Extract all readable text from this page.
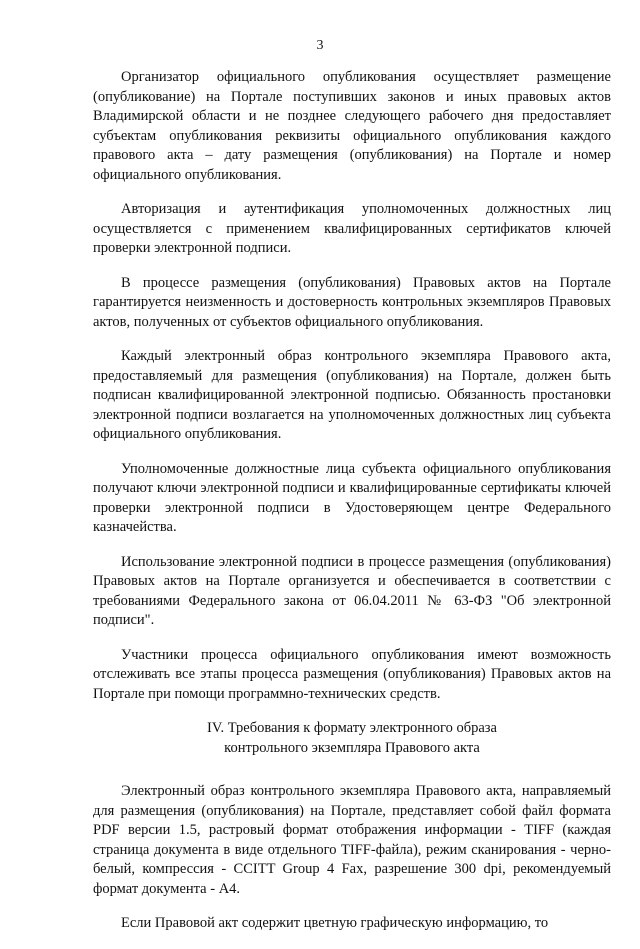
3

Организатор официального опубликования осуществляет размещение (опубликование) на Портале поступивших законов и иных правовых актов Владимирской области и не позднее следующего рабочего дня предоставляет субъектам опубликования реквизиты официального опубликования каждого правового акта – дату размещения (опубликования) на Портале и номер официального опубликования.

Авторизация и аутентификация уполномоченных должностных лиц осуществляется с применением квалифицированных сертификатов ключей проверки электронной подписи.

В процессе размещения (опубликования) Правовых актов на Портале гарантируется неизменность и достоверность контрольных экземпляров Правовых актов, полученных от субъектов официального опубликования.

Каждый электронный образ контрольного экземпляра Правового акта, предоставляемый для размещения (опубликования) на Портале, должен быть подписан квалифицированной электронной подписью. Обязанность простановки электронной подписи возлагается на уполномоченных должностных лиц субъекта официального опубликования.

Уполномоченные должностные лица субъекта официального опубликования получают ключи электронной подписи и квалифицированные сертификаты ключей проверки электронной подписи в Удостоверяющем центре Федерального казначейства.

Использование электронной подписи в процессе размещения (опубликования) Правовых актов на Портале организуется и обеспечивается в соответствии с требованиями Федерального закона от 06.04.2011 № 63-ФЗ "Об электронной подписи".

Участники процесса официального опубликования имеют возможность отслеживать все этапы процесса размещения (опубликования) Правовых актов на Портале при помощи программно-технических средств.

IV. Требования к формату электронного образа
контрольного экземпляра Правового акта

Электронный образ контрольного экземпляра Правового акта, направляемый для размещения (опубликования) на Портале, представляет собой файл формата PDF версии 1.5, растровый формат отображения информации - TIFF (каждая страница документа в виде отдельного TIFF-файла), режим сканирования - черно-белый, компрессия - CCITT Group 4 Fax, разрешение 300 dpi, рекомендуемый формат документа - А4.

Если Правовой акт содержит цветную графическую информацию, то
